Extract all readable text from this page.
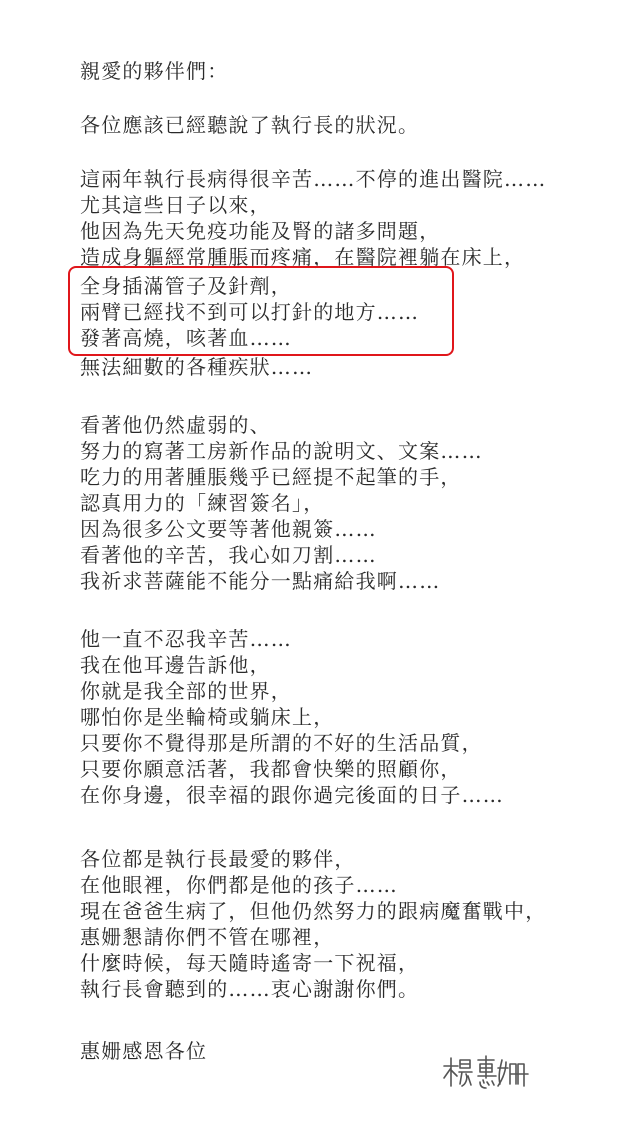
親愛的夥伴們：
各位應該已經聽說了執行長的狀況。
這兩年執行長病得很辛苦……不停的進出醫院……
尤其這些日子以來，
他因為先天免疫功能及腎的諸多問題，
造成身軀經常腫脹而疼痛，在醫院裡躺在床上，
全身插滿管子及針劑，
兩臂已經找不到可以打針的地方……
發著高燒，咳著血……
無法細數的各種疾狀……
看著他仍然虛弱的、
努力的寫著工房新作品的說明文、文案……
吃力的用著腫脹幾乎已經提不起筆的手，
認真用力的「練習簽名」，
因為很多公文要等著他親簽……
看著他的辛苦，我心如刀割……
我祈求菩薩能不能分一點痛給我啊……
他一直不忍我辛苦……
我在他耳邊告訴他，
你就是我全部的世界，
哪怕你是坐輪椅或躺床上，
只要你不覺得那是所謂的不好的生活品質，
只要你願意活著，我都會快樂的照顧你，
在你身邊，很幸福的跟你過完後面的日子……
各位都是執行長最愛的夥伴，
在他眼裡，你們都是他的孩子……
現在爸爸生病了，但他仍然努力的跟病魔奮戰中，
惠姗懇請你們不管在哪裡，
什麼時候，每天隨時遙寄一下祝福，
執行長會聽到的……衷心謝謝你們。
惠姗感恩各位
